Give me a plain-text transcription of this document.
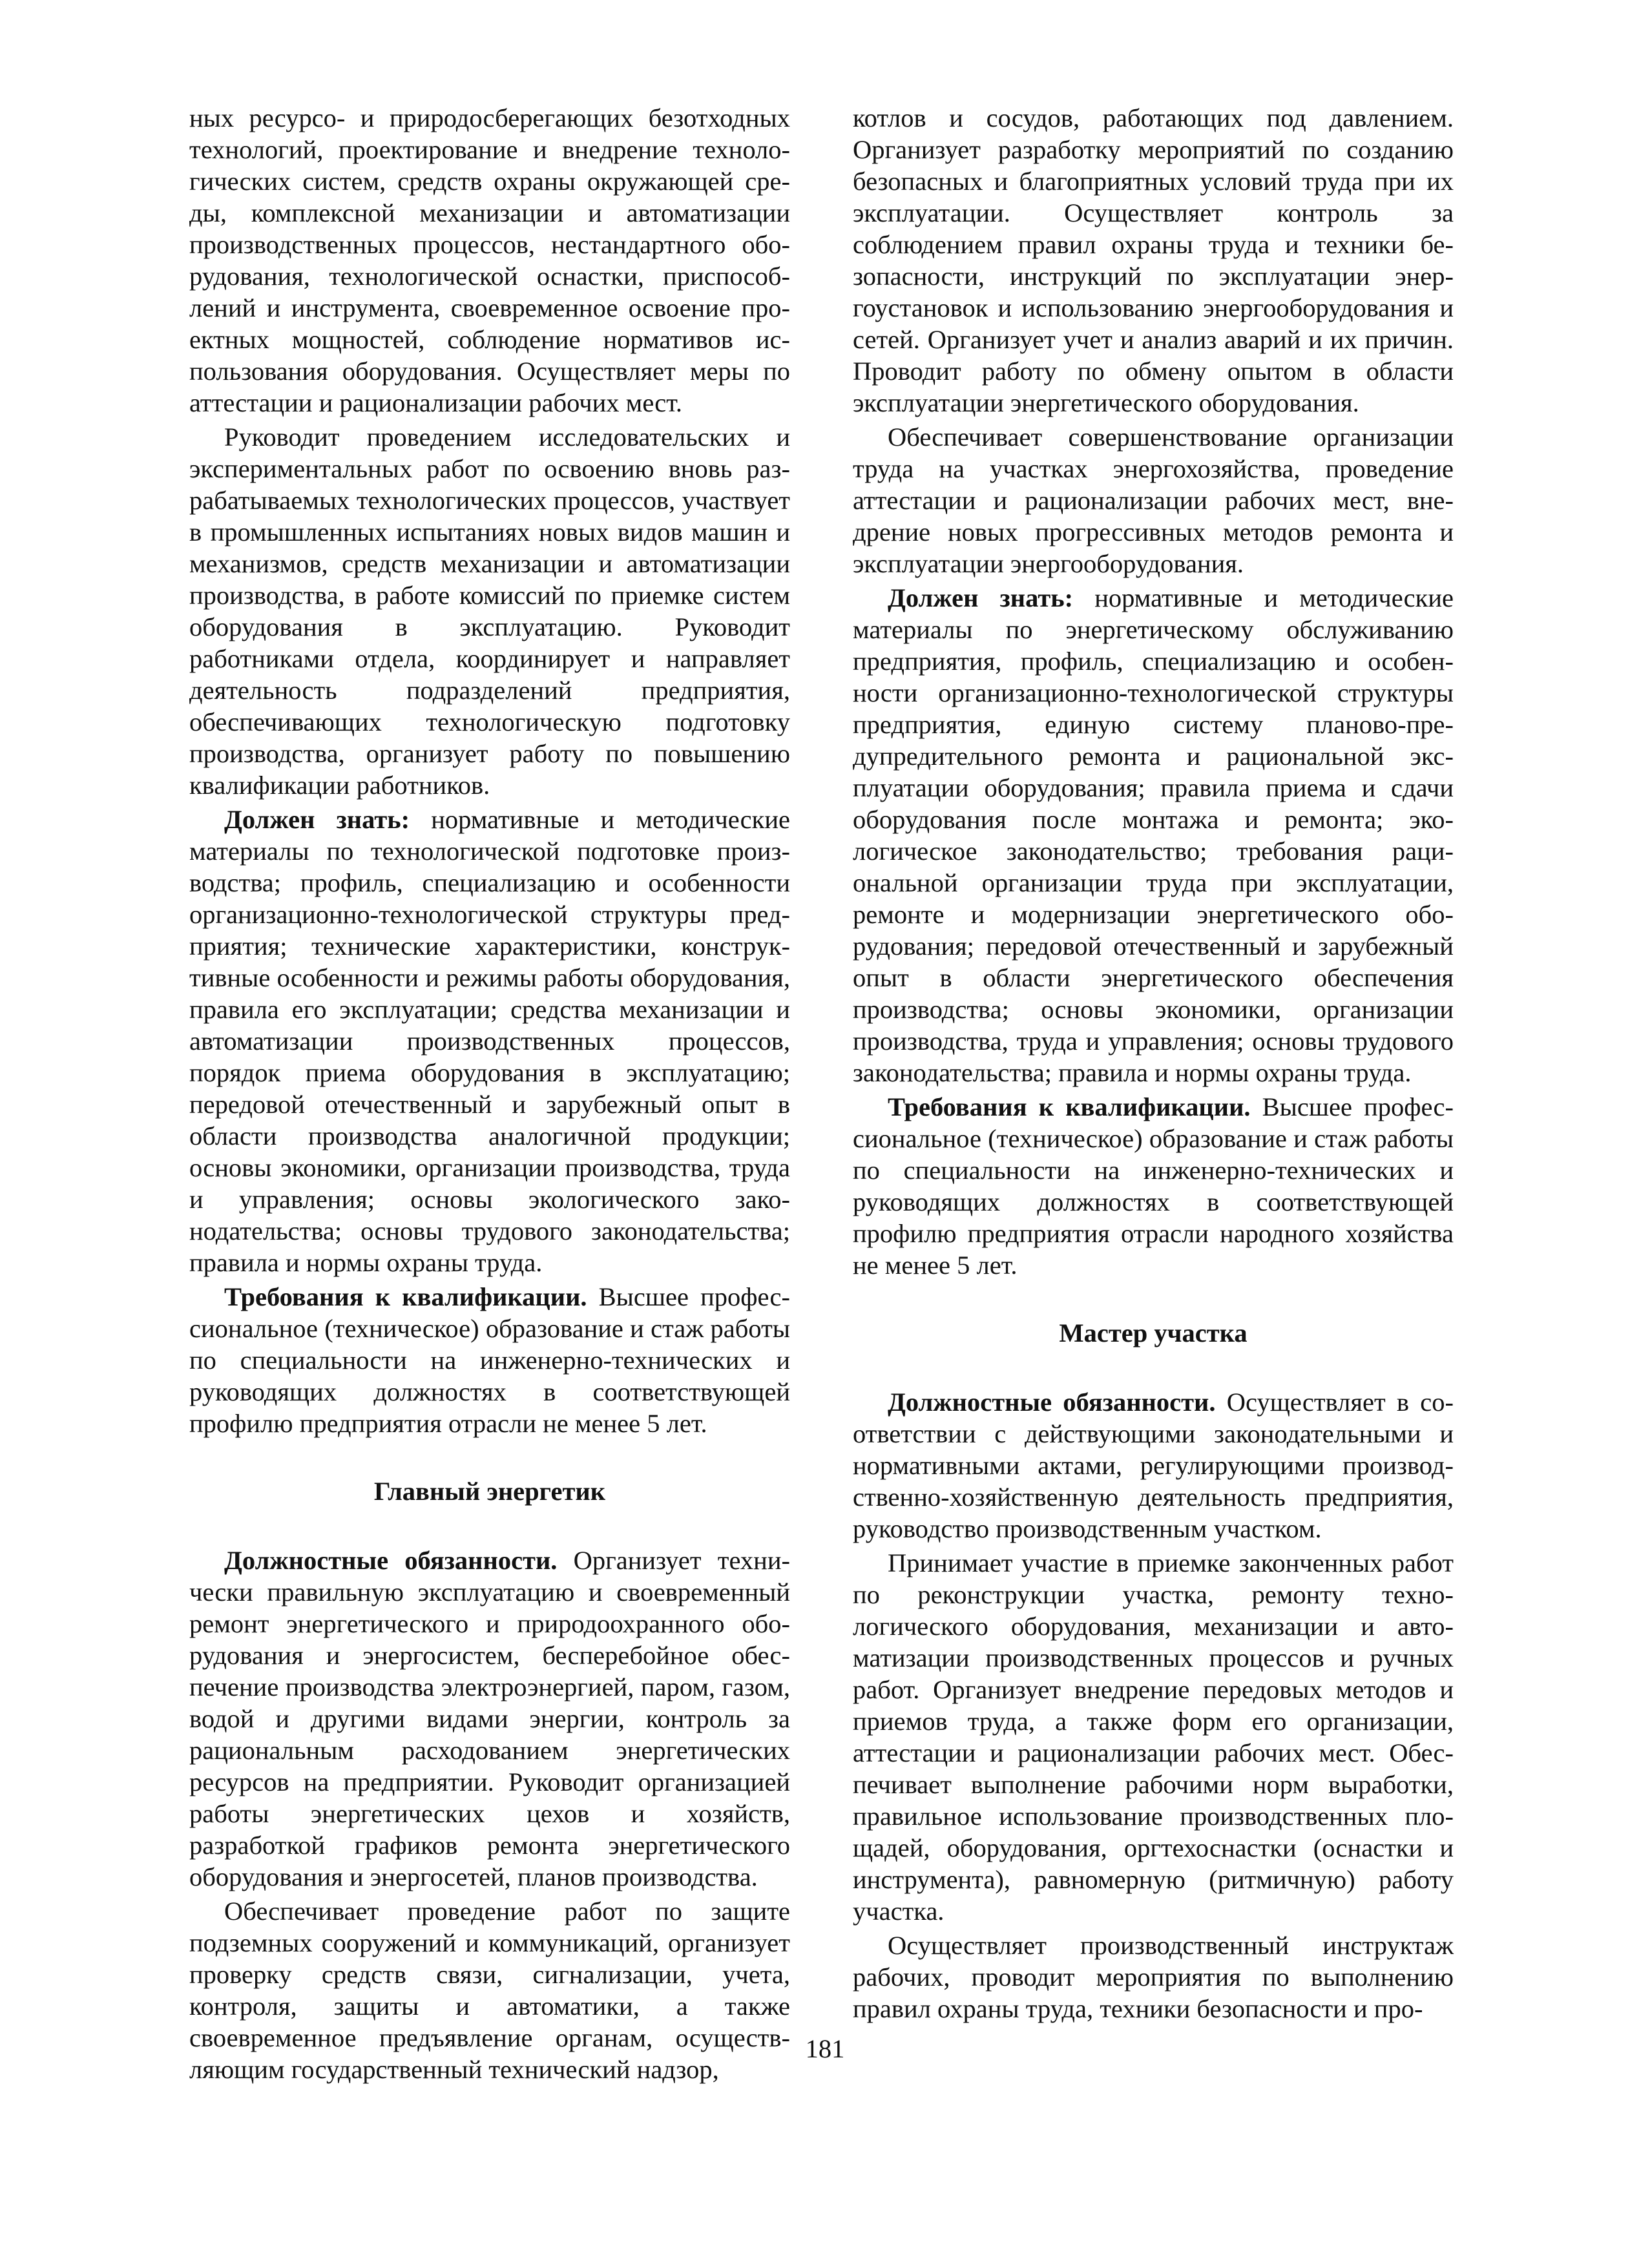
ных ресурсо- и природосберегающих безотходных технологий, проектирование и внедрение технологических систем, средств охраны окружающей среды, комплексной механизации и автоматизации производственных процессов, нестандартного оборудования, технологической оснастки, приспособлений и инструмента, своевременное освоение проектных мощностей, соблюдение нормативов использования оборудования. Осуществляет меры по аттестации и рационализации рабочих мест.

Руководит проведением исследовательских и экспериментальных работ по освоению вновь разрабатываемых технологических процессов, участвует в промышленных испытаниях новых видов машин и механизмов, средств механизации и автоматизации производства, в работе комиссий по приемке систем оборудования в эксплуатацию. Руководит работниками отдела, координирует и направляет деятельность подразделений предприятия, обеспечивающих технологическую подготовку производства, организует работу по повышению квалификации работников.

Должен знать: нормативные и методические материалы по технологической подготовке производства; профиль, специализацию и особенности организационно-технологической структуры предприятия; технические характеристики, конструктивные особенности и режимы работы оборудования, правила его эксплуатации; средства механизации и автоматизации производственных процессов, порядок приема оборудования в эксплуатацию; передовой отечественный и зарубежный опыт в области производства аналогичной продукции; основы экономики, организации производства, труда и управления; основы экологического законодательства; основы трудового законодательства; правила и нормы охраны труда.

Требования к квалификации. Высшее профессиональное (техническое) образование и стаж работы по специальности на инженерно-технических и руководящих должностях в соответствующей профилю предприятия отрасли не менее 5 лет.

Главный энергетик

Должностные обязанности. Организует технически правильную эксплуатацию и своевременный ремонт энергетического и природоохранного оборудования и энергосистем, бесперебойное обеспечение производства электроэнергией, паром, газом, водой и другими видами энергии, контроль за рациональным расходованием энергетических ресурсов на предприятии. Руководит организацией работы энергетических цехов и хозяйств, разработкой графиков ремонта энергетического оборудования и энергосетей, планов производства.

Обеспечивает проведение работ по защите подземных сооружений и коммуникаций, организует проверку средств связи, сигнализации, учета, контроля, защиты и автоматики, а также своевременное предъявление органам, осуществляющим государственный технический надзор,

котлов и сосудов, работающих под давлением. Организует разработку мероприятий по созданию безопасных и благоприятных условий труда при их эксплуатации. Осуществляет контроль за соблюдением правил охраны труда и техники безопасности, инструкций по эксплуатации энергоустановок и использованию энергооборудования и сетей. Организует учет и анализ аварий и их причин. Проводит работу по обмену опытом в области эксплуатации энергетического оборудования.

Обеспечивает совершенствование организации труда на участках энергохозяйства, проведение аттестации и рационализации рабочих мест, внедрение новых прогрессивных методов ремонта и эксплуатации энергооборудования.

Должен знать: нормативные и методические материалы по энергетическому обслуживанию предприятия, профиль, специализацию и особенности организационно-технологической структуры предприятия, единую систему планово-предупредительного ремонта и рациональной эксплуатации оборудования; правила приема и сдачи оборудования после монтажа и ремонта; экологическое законодательство; требования рациональной организации труда при эксплуатации, ремонте и модернизации энергетического оборудования; передовой отечественный и зарубежный опыт в области энергетического обеспечения производства; основы экономики, организации производства, труда и управления; основы трудового законодательства; правила и нормы охраны труда.

Требования к квалификации. Высшее профессиональное (техническое) образование и стаж работы по специальности на инженерно-технических и руководящих должностях в соответствующей профилю предприятия отрасли народного хозяйства не менее 5 лет.

Мастер участка

Должностные обязанности. Осуществляет в соответствии с действующими законодательными и нормативными актами, регулирующими производственно-хозяйственную деятельность предприятия, руководство производственным участком.

Принимает участие в приемке законченных работ по реконструкции участка, ремонту технологического оборудования, механизации и автоматизации производственных процессов и ручных работ. Организует внедрение передовых методов и приемов труда, а также форм его организации, аттестации и рационализации рабочих мест. Обеспечивает выполнение рабочими норм выработки, правильное использование производственных площадей, оборудования, оргтехоснастки (оснастки и инструмента), равномерную (ритмичную) работу участка.

Осуществляет производственный инструктаж рабочих, проводит мероприятия по выполнению правил охраны труда, техники безопасности и про-

181
